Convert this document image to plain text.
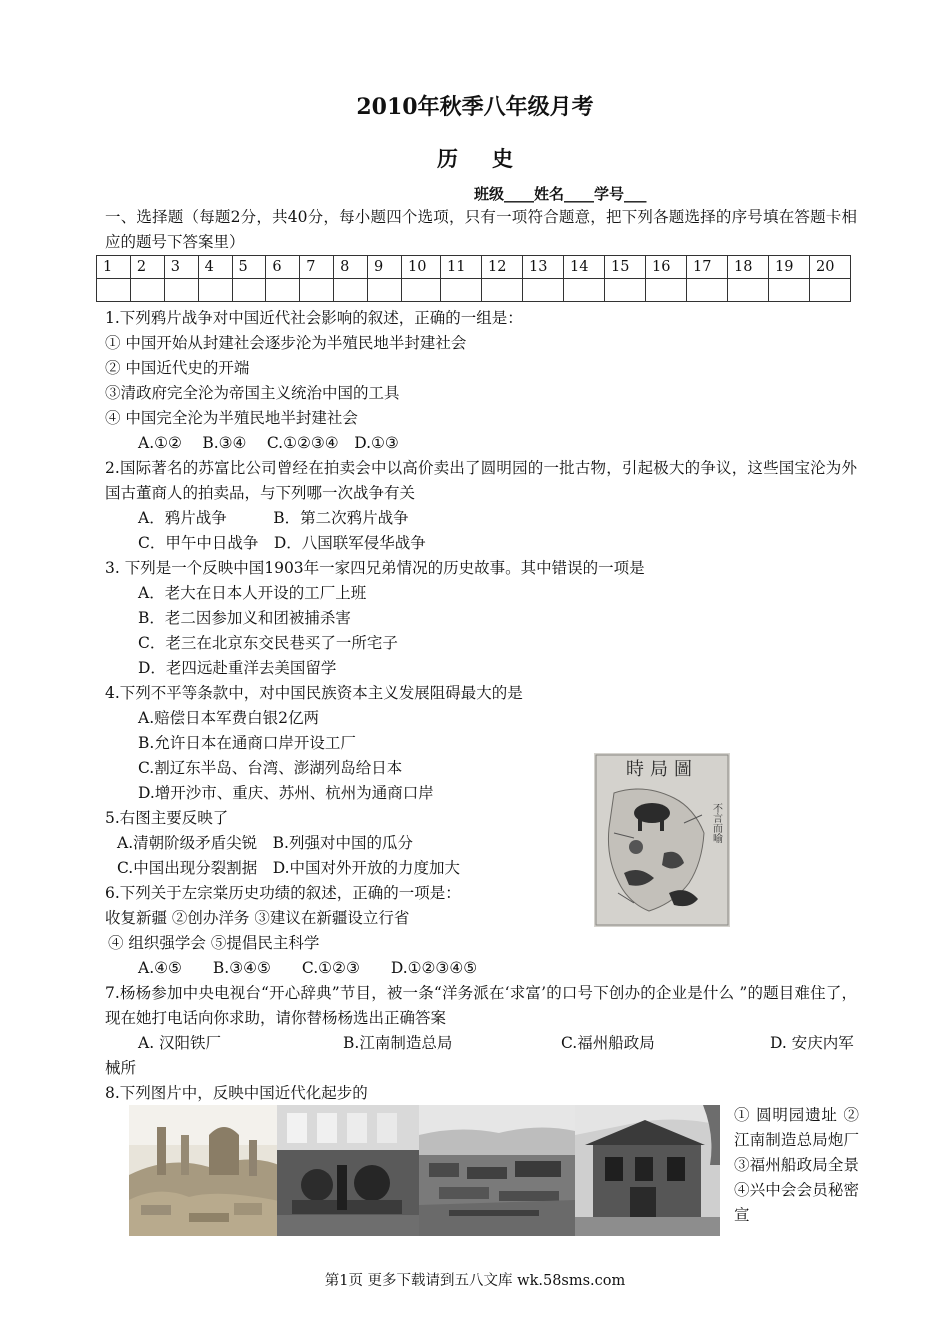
2010年秋季八年级月考
历史
班级____姓名____学号___
一、选择题（每题2分，共40分，每小题四个选项，只有一项符合题意，把下列各题选择的序号填在答题卡相应的题号下答案里）
1	2	3	4	5	6	7	8	9	10	11	12	13	14	15	16	17	18	19	20

1.下列鸦片战争对中国近代社会影响的叙述，正确的一组是：
① 中国开始从封建社会逐步沦为半殖民地半封建社会
② 中国近代史的开端
③清政府完全沦为帝国主义统治中国的工具
④ 中国完全沦为半殖民地半封建社会
A.①②　 B.③④　 C.①②③④　D.①③
2.国际著名的苏富比公司曾经在拍卖会中以高价卖出了圆明园的一批古物，引起极大的争议，这些国宝沦为外国古董商人的拍卖品，与下列哪一次战争有关
A．鸦片战争　　　B．第二次鸦片战争
C．甲午中日战争　D．八国联军侵华战争
3. 下列是一个反映中国1903年一家四兄弟情况的历史故事。其中错误的一项是
A．老大在日本人开设的工厂上班
B．老二因参加义和团被捕杀害
C．老三在北京东交民巷买了一所宅子
D．老四远赴重洋去美国留学
4.下列不平等条款中，对中国民族资本主义发展阻碍最大的是
A.赔偿日本军费白银2亿两
B.允许日本在通商口岸开设工厂
C.割辽东半岛、台湾、澎湖列岛给日本
D.增开沙市、重庆、苏州、杭州为通商口岸
5.右图主要反映了
A.清朝阶级矛盾尖锐　B.列强对中国的瓜分
C.中国出现分裂割据　D.中国对外开放的力度加大
時局圖
不言而喻
6.下列关于左宗棠历史功绩的叙述，正确的一项是：
收复新疆 ②创办洋务 ③建议在新疆设立行省
④ 组织强学会 ⑤提倡民主科学
A.④⑤　　B.③④⑤　　C.①②③　　D.①②③④⑤
7.杨杨参加中央电视台“开心辞典”节目，被一条“洋务派在‘求富’的口号下创办的企业是什么 ”的题目难住了，现在她打电话向你求助，请你替杨杨选出正确答案
A. 汉阳铁厂	B.江南制造总局	C.福州船政局	D. 安庆内军
械所
8.下列图片中，反映中国近代化起步的
① 圆明园遗址 ②江南制造总局炮厂 ③福州船政局全景 ④兴中会会员秘密宣
第1页 更多下载请到五八文库 wk.58sms.com
